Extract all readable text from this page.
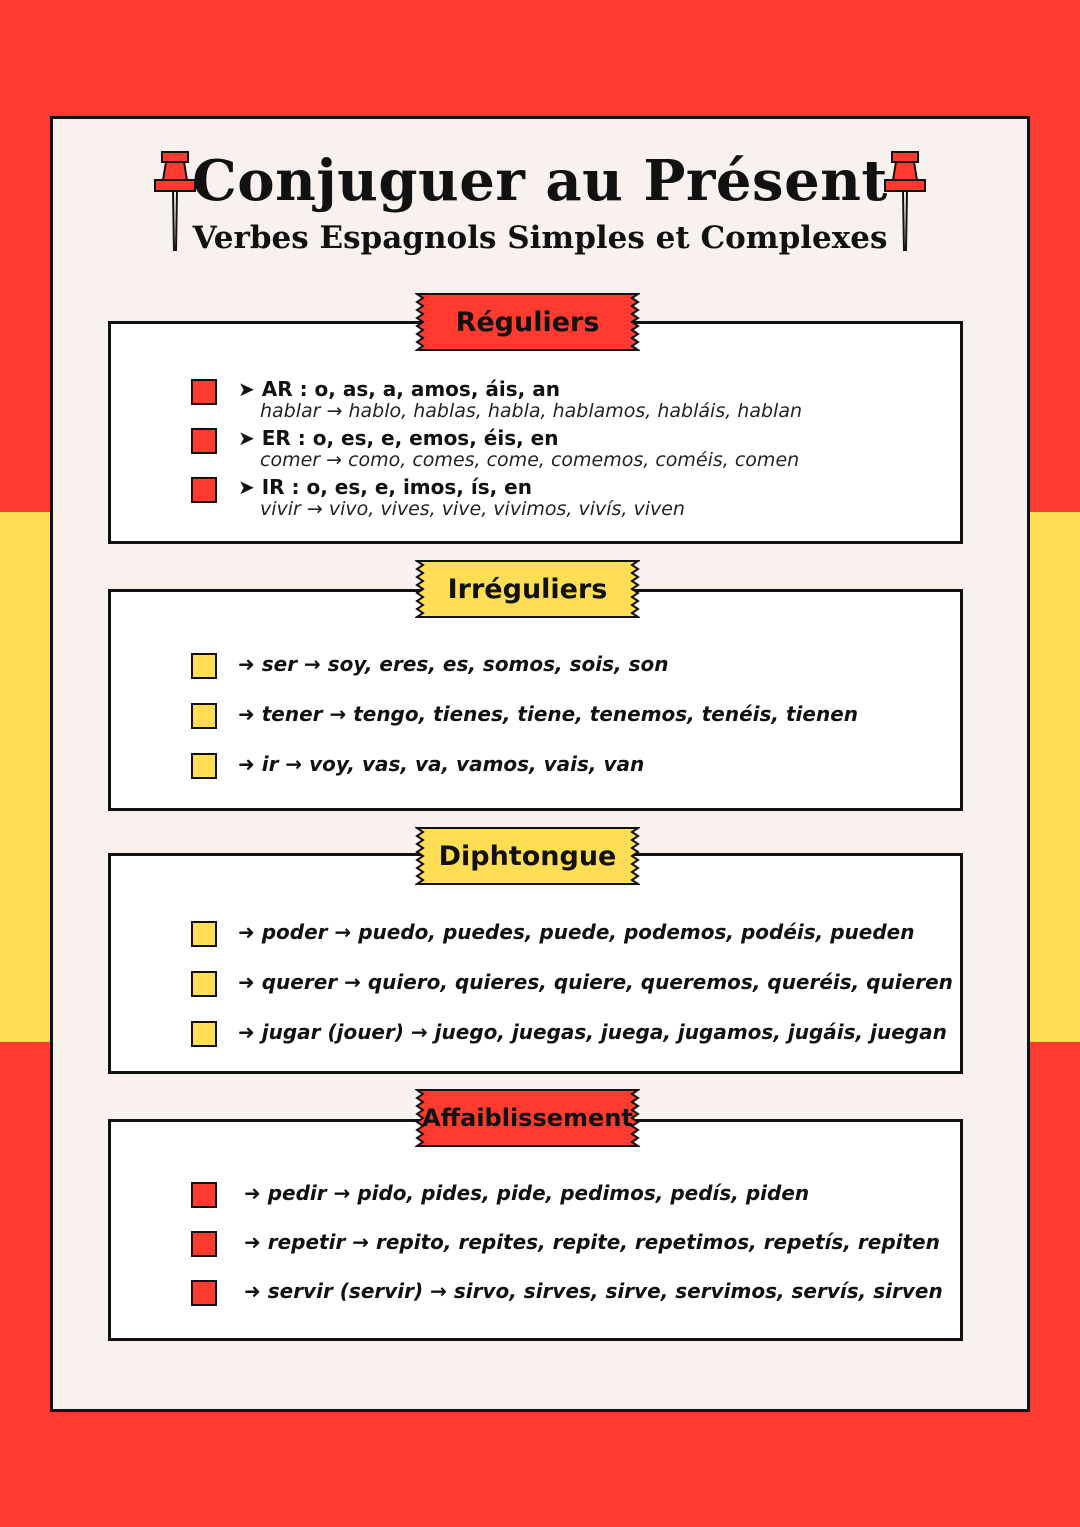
Conjuguer au Présent
Verbes Espagnols Simples et Complexes
➤ AR : o, as, a, amos, áis, an
hablar → hablo, hablas, habla, hablamos, habláis, hablan
➤ ER : o, es, e, emos, éis, en
comer → como, comes, come, comemos, coméis, comen
➤ IR : o, es, e, imos, ís, en
vivir → vivo, vives, vive, vivimos, vivís, viven
Réguliers
➜ ser → soy, eres, es, somos, sois, son
➜ tener → tengo, tienes, tiene, tenemos, tenéis, tienen
➜ ir → voy, vas, va, vamos, vais, van
Irréguliers
➜ poder → puedo, puedes, puede, podemos, podéis, pueden
➜ querer → quiero, quieres, quiere, queremos, queréis, quieren
➜ jugar (jouer) → juego, juegas, juega, jugamos, jugáis, juegan
Diphtongue
➜ pedir → pido, pides, pide, pedimos, pedís, piden
➜ repetir → repito, repites, repite, repetimos, repetís, repiten
➜ servir (servir) → sirvo, sirves, sirve, servimos, servís, sirven
Affaiblissement
